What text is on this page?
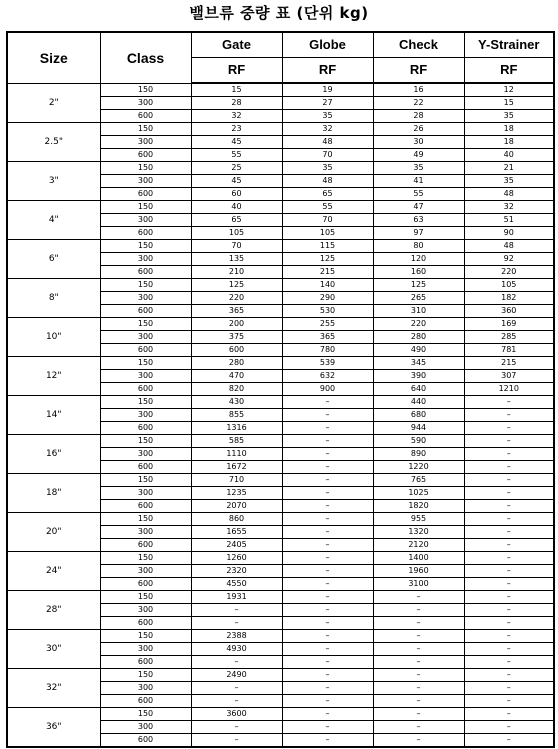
밸브류 중량 표 (단위 kg)
Size	Class	Gate	Globe	Check	Y-Strainer
		RF	RF	RF	RF
2"	150	15	19	16	12
	300	28	27	22	15
	600	32	35	28	35
2.5"	150	23	32	26	18
	300	45	48	30	18
	600	55	70	49	40
3"	150	25	35	35	21
	300	45	48	41	35
	600	60	65	55	48
4"	150	40	55	47	32
	300	65	70	63	51
	600	105	105	97	90
6"	150	70	115	80	48
	300	135	125	120	92
	600	210	215	160	220
8"	150	125	140	125	105
	300	220	290	265	182
	600	365	530	310	360
10"	150	200	255	220	169
	300	375	365	280	285
	600	600	780	490	781
12"	150	280	539	345	215
	300	470	632	390	307
	600	820	900	640	1210
14"	150	430	–	440	–
	300	855	–	680	–
	600	1316	–	944	–
16"	150	585	–	590	–
	300	1110	–	890	–
	600	1672	–	1220	–
18"	150	710	–	765	–
	300	1235	–	1025	–
	600	2070	–	1820	–
20"	150	860	–	955	–
	300	1655	–	1320	–
	600	2405	–	2120	–
24"	150	1260	–	1400	–
	300	2320	–	1960	–
	600	4550	–	3100	–
28"	150	1931	–	–	–
	300	–	–	–	–
	600	–	–	–	–
30"	150	2388	–	–	–
	300	4930	–	–	–
	600	–	–	–	–
32"	150	2490	–	–	–
	300	–	–	–	–
	600	–	–	–	–
36"	150	3600	–	–	–
	300	–	–	–	–
	600	–	–	–	–
